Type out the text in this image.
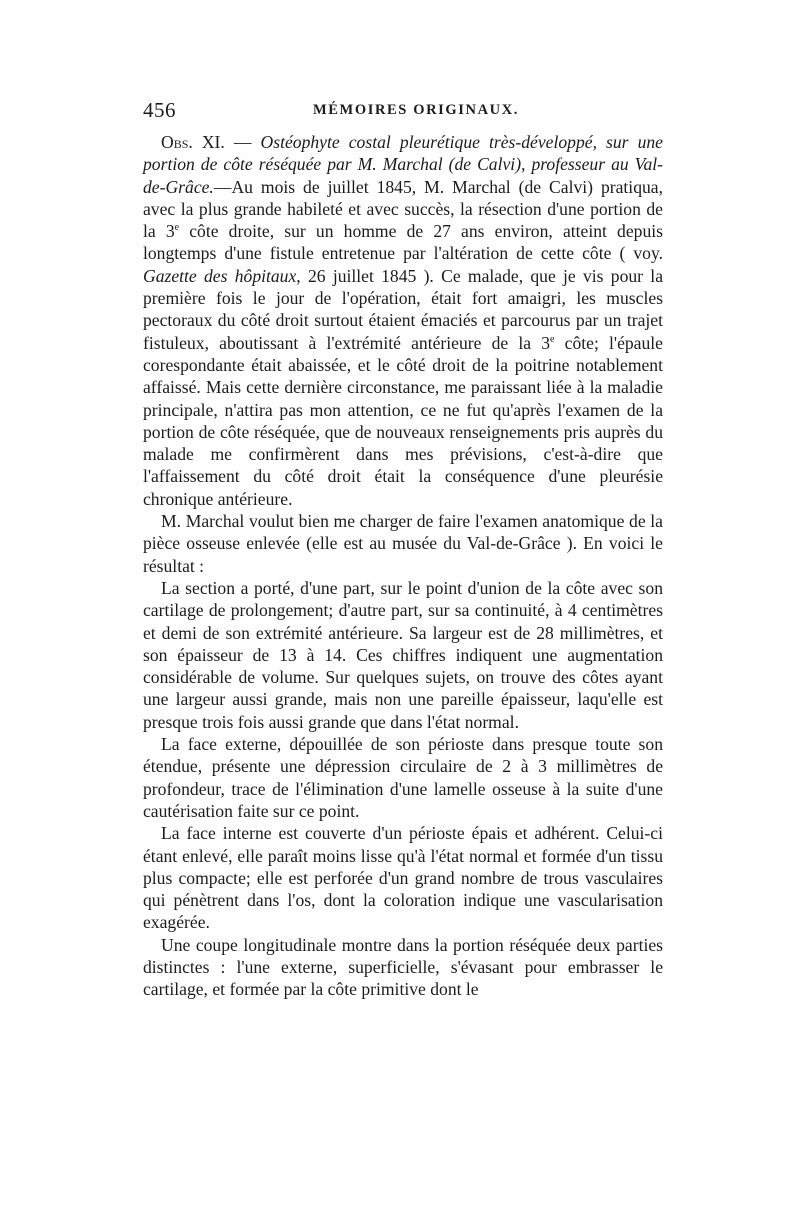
456	MÉMOIRES ORIGINAUX.

Obs. XI. — Ostéophyte costal pleurétique très-développé, sur une portion de côte réséquée par M. Marchal (de Calvi), professeur au Val-de-Grâce.—Au mois de juillet 1845, M. Marchal (de Calvi) pratiqua, avec la plus grande habileté et avec succès, la résection d'une portion de la 3e côte droite, sur un homme de 27 ans environ, atteint depuis longtemps d'une fistule entretenue par l'altération de cette côte ( voy. Gazette des hôpitaux, 26 juillet 1845 ). Ce malade, que je vis pour la première fois le jour de l'opération, était fort amaigri, les muscles pectoraux du côté droit surtout étaient émaciés et parcourus par un trajet fistuleux, aboutissant à l'extrémité antérieure de la 3e côte; l'épaule corespondante était abaissée, et le côté droit de la poitrine notablement affaissé. Mais cette dernière circonstance, me paraissant liée à la maladie principale, n'attira pas mon attention, ce ne fut qu'après l'examen de la portion de côte réséquée, que de nouveaux renseignements pris auprès du malade me confirmèrent dans mes prévisions, c'est-à-dire que l'affaissement du côté droit était la conséquence d'une pleurésie chronique antérieure.

M. Marchal voulut bien me charger de faire l'examen anatomique de la pièce osseuse enlevée (elle est au musée du Val-de-Grâce ). En voici le résultat :

La section a porté, d'une part, sur le point d'union de la côte avec son cartilage de prolongement; d'autre part, sur sa continuité, à 4 centimètres et demi de son extrémité antérieure. Sa largeur est de 28 millimètres, et son épaisseur de 13 à 14. Ces chiffres indiquent une augmentation considérable de volume. Sur quelques sujets, on trouve des côtes ayant une largeur aussi grande, mais non une pareille épaisseur, laqu'elle est presque trois fois aussi grande que dans l'état normal.

La face externe, dépouillée de son périoste dans presque toute son étendue, présente une dépression circulaire de 2 à 3 millimètres de profondeur, trace de l'élimination d'une lamelle osseuse à la suite d'une cautérisation faite sur ce point.

La face interne est couverte d'un périoste épais et adhérent. Celui-ci étant enlevé, elle paraît moins lisse qu'à l'état normal et formée d'un tissu plus compacte; elle est perforée d'un grand nombre de trous vasculaires qui pénètrent dans l'os, dont la coloration indique une vascularisation exagérée.

Une coupe longitudinale montre dans la portion réséquée deux parties distinctes : l'une externe, superficielle, s'évasant pour embrasser le cartilage, et formée par la côte primitive dont le
